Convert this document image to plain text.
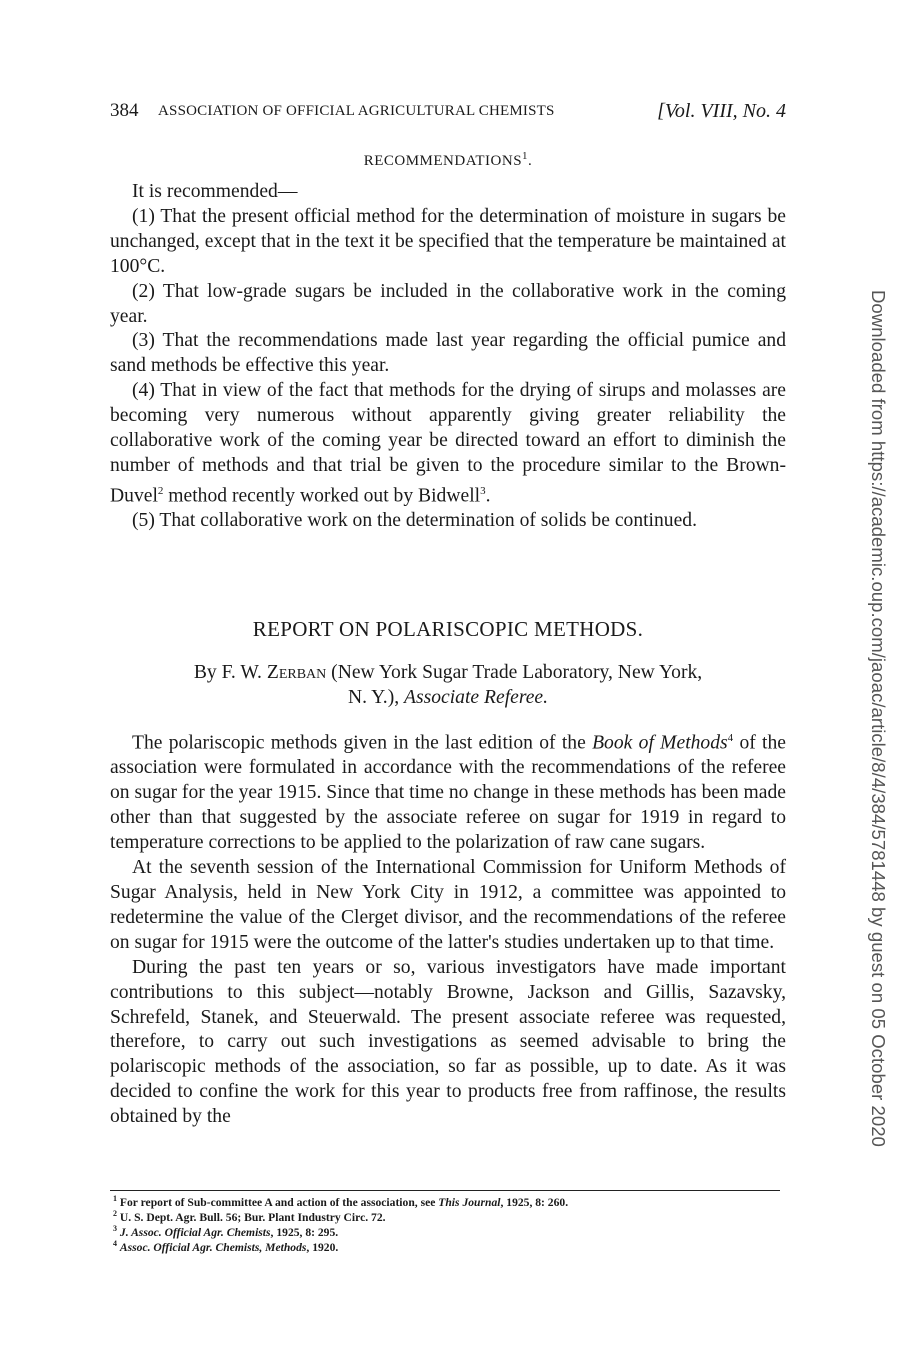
384 ASSOCIATION OF OFFICIAL AGRICULTURAL CHEMISTS	[Vol. VIII, No. 4
RECOMMENDATIONS$^1$.

It is recommended—

(1) That the present official method for the determination of moisture in sugars be unchanged, except that in the text it be specified that the temperature be maintained at 100°C.

(2) That low-grade sugars be included in the collaborative work in the coming year.

(3) That the recommendations made last year regarding the official pumice and sand methods be effective this year.

(4) That in view of the fact that methods for the drying of sirups and molasses are becoming very numerous without apparently giving greater reliability the collaborative work of the coming year be directed toward an effort to diminish the number of methods and that trial be given to the procedure similar to the Brown-Duvel$^2$ method recently worked out by Bidwell$^3$.

(5) That collaborative work on the determination of solids be continued.

REPORT ON POLARISCOPIC METHODS.
By F. W. Zerban (New York Sugar Trade Laboratory, New York,
N. Y.), Associate Referee.

The polariscopic methods given in the last edition of the Book of Methods$^4$ of the association were formulated in accordance with the recommendations of the referee on sugar for the year 1915. Since that time no change in these methods has been made other than that suggested by the associate referee on sugar for 1919 in regard to temperature corrections to be applied to the polarization of raw cane sugars.

At the seventh session of the International Commission for Uniform Methods of Sugar Analysis, held in New York City in 1912, a committee was appointed to redetermine the value of the Clerget divisor, and the recommendations of the referee on sugar for 1915 were the outcome of the latter's studies undertaken up to that time.

During the past ten years or so, various investigators have made important contributions to this subject—notably Browne, Jackson and Gillis, Sazavsky, Schrefeld, Stanek, and Steuerwald. The present associate referee was requested, therefore, to carry out such investigations as seemed advisable to bring the polariscopic methods of the association, so far as possible, up to date. As it was decided to confine the work for this year to products free from raffinose, the results obtained by the

$^1$ For report of Sub-committee A and action of the association, see This Journal, 1925, 8: 260.

$^2$ U. S. Dept. Agr. Bull. 56; Bur. Plant Industry Circ. 72.

$^3$ J. Assoc. Official Agr. Chemists, 1925, 8: 295.

$^4$ Assoc. Official Agr. Chemists, Methods, 1920.

Downloaded from https://academic.oup.com/jaoac/article/8/4/384/5781448 by guest on 05 October 2020
